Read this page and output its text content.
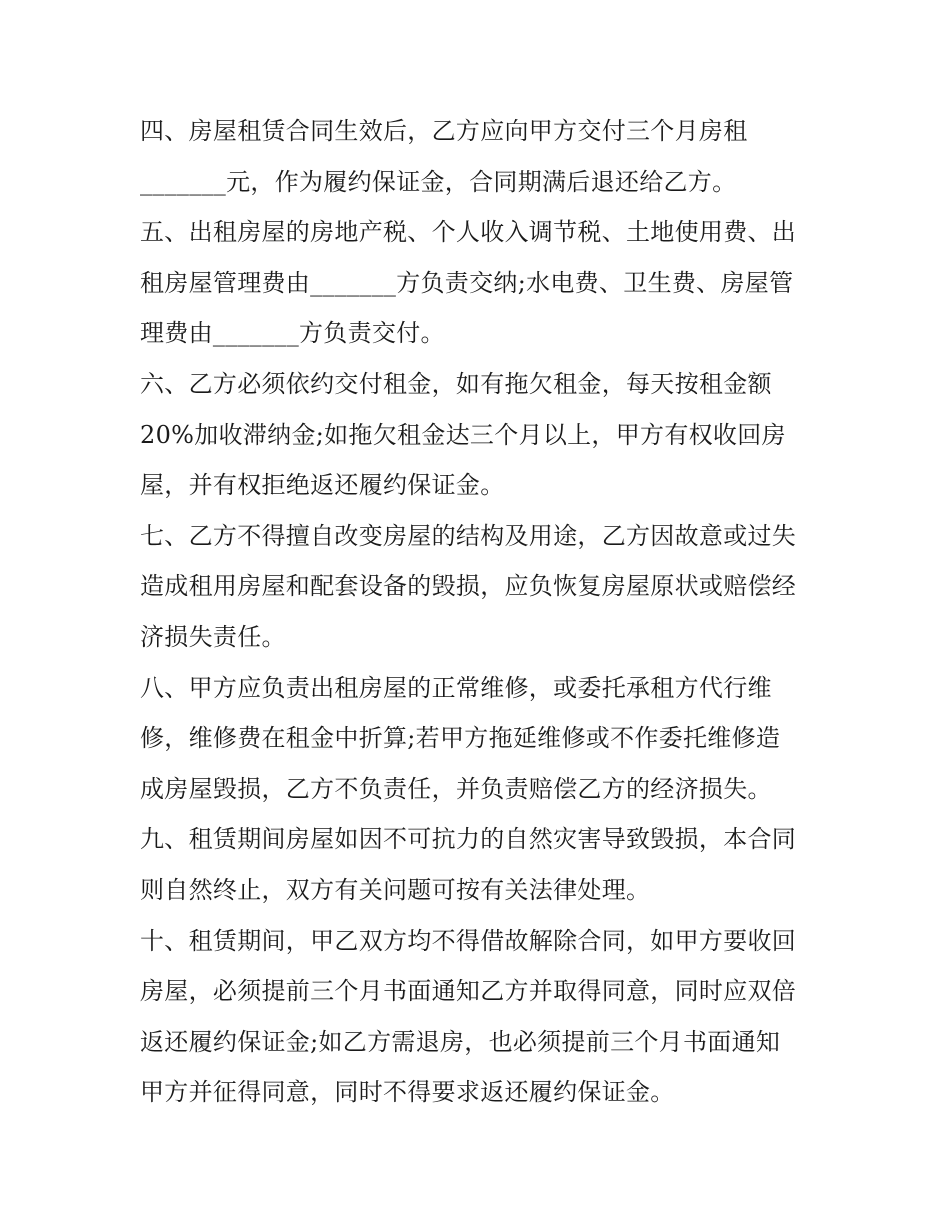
四、房屋租赁合同生效后，乙方应向甲方交付三个月房租
_______元，作为履约保证金，合同期满后退还给乙方。
五、出租房屋的房地产税、个人收入调节税、土地使用费、出
租房屋管理费由_______方负责交纳;水电费、卫生费、房屋管
理费由_______方负责交付。
六、乙方必须依约交付租金，如有拖欠租金，每天按租金额
20%加收滞纳金;如拖欠租金达三个月以上，甲方有权收回房
屋，并有权拒绝返还履约保证金。
七、乙方不得擅自改变房屋的结构及用途，乙方因故意或过失
造成租用房屋和配套设备的毁损，应负恢复房屋原状或赔偿经
济损失责任。
八、甲方应负责出租房屋的正常维修，或委托承租方代行维
修，维修费在租金中折算;若甲方拖延维修或不作委托维修造
成房屋毁损，乙方不负责任，并负责赔偿乙方的经济损失。
九、租赁期间房屋如因不可抗力的自然灾害导致毁损，本合同
则自然终止，双方有关问题可按有关法律处理。
十、租赁期间，甲乙双方均不得借故解除合同，如甲方要收回
房屋，必须提前三个月书面通知乙方并取得同意，同时应双倍
返还履约保证金;如乙方需退房，也必须提前三个月书面通知
甲方并征得同意，同时不得要求返还履约保证金。
